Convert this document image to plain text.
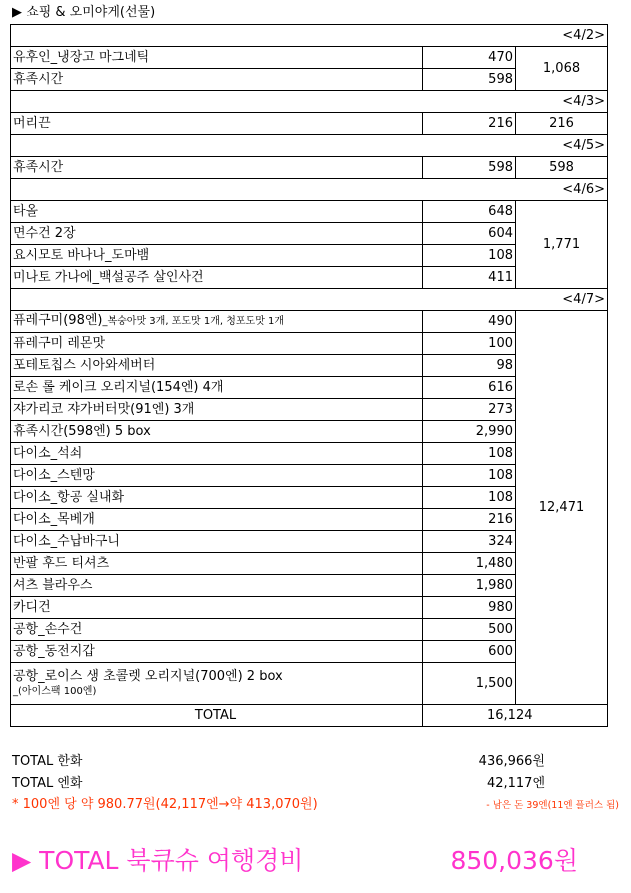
▶ 쇼핑 & 오미야게(선물)
<4/2>		
유후인_냉장고 마그네틱	470	1,068
휴족시간	598	
<4/3>		
머리끈	216	216
<4/5>		
휴족시간	598	598
<4/6>		
타올	648	1,771
면수건 2장	604	
요시모토 바나나_도마뱀	108	
미나토 가나에_백설공주 살인사건	411	
<4/7>		
퓨레구미(98엔)_복숭아맛 3개, 포도맛 1개, 청포도맛 1개	490	12,471
퓨레구미 레몬맛	100	
포테토칩스 시아와세버터	98	
로손 롤 케이크 오리지널(154엔) 4개	616	
쟈가리코 쟈가버터맛(91엔) 3개	273	
휴족시간(598엔) 5 box	2,990	
다이소_석쇠	108	
다이소_스텐망	108	
다이소_항공 실내화	108	
다이소_목베개	216	
다이소_수납바구니	324	
반팔 후드 티셔츠	1,480	
셔츠 블라우스	1,980	
카디건	980	
공항_손수건	500	
공항_동전지갑	600	
공항_로이스 생 초콜렛 오리지널(700엔) 2 box
_(아이스팩 100엔)	1,500	
TOTAL	16,124	
TOTAL 한화	436,966원
TOTAL 엔화	42,117엔
* 100엔 당 약 980.77원(42,117엔→약 413,070원)	- 남은 돈 39엔(11엔 플러스 됨)
▶ TOTAL 북큐슈 여행경비	850,036원
